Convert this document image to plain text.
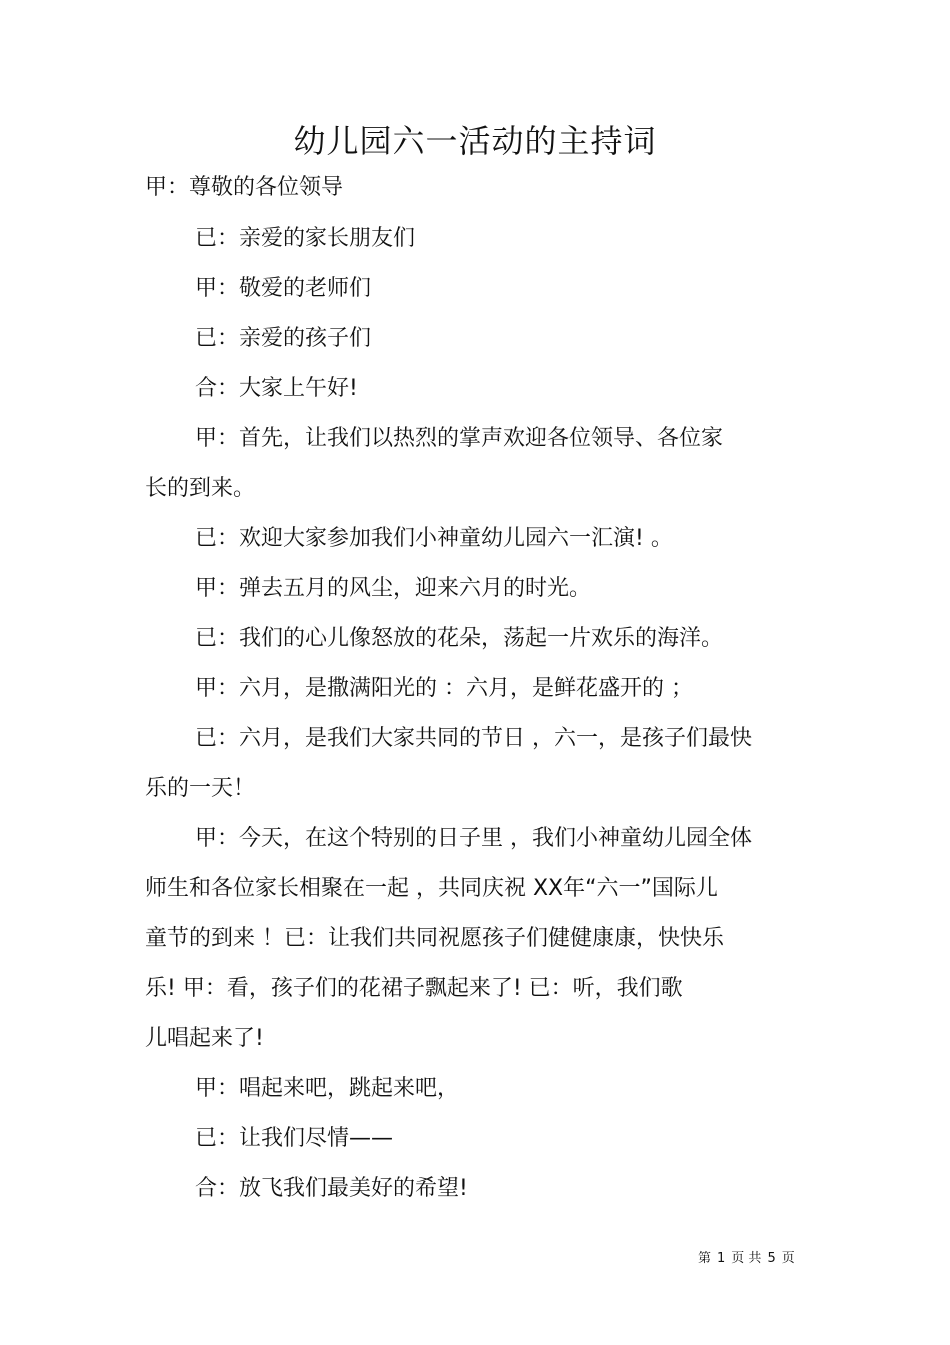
幼儿园六一活动的主持词

甲：尊敬的各位领导

已：亲爱的家长朋友们

甲：敬爱的老师们

已：亲爱的孩子们

合：大家上午好!

甲：首先，让我们以热烈的掌声欢迎各位领导、各位家

长的到来。

已：欢迎大家参加我们小神童幼儿园六一汇演! 。

甲：弹去五月的风尘，迎来六月的时光。

已：我们的心儿像怒放的花朵，荡起一片欢乐的海洋。

甲：六月，是撒满阳光的 ：六月，是鲜花盛开的 ；

已：六月，是我们大家共同的节日 ，六一，是孩子们最快

乐的一天！

甲：今天，在这个特别的日子里 ，我们小神童幼儿园全体

师生和各位家长相聚在一起 ，共同庆祝 XX年“六一”国际儿

童节的到来 ！已：让我们共同祝愿孩子们健健康康，快快乐

乐! 甲：看，孩子们的花裙子飘起来了! 已：听，我们歌

儿唱起来了!

甲：唱起来吧，跳起来吧，

已：让我们尽情——

合：放飞我们最美好的希望!

第 1 页 共 5 页
